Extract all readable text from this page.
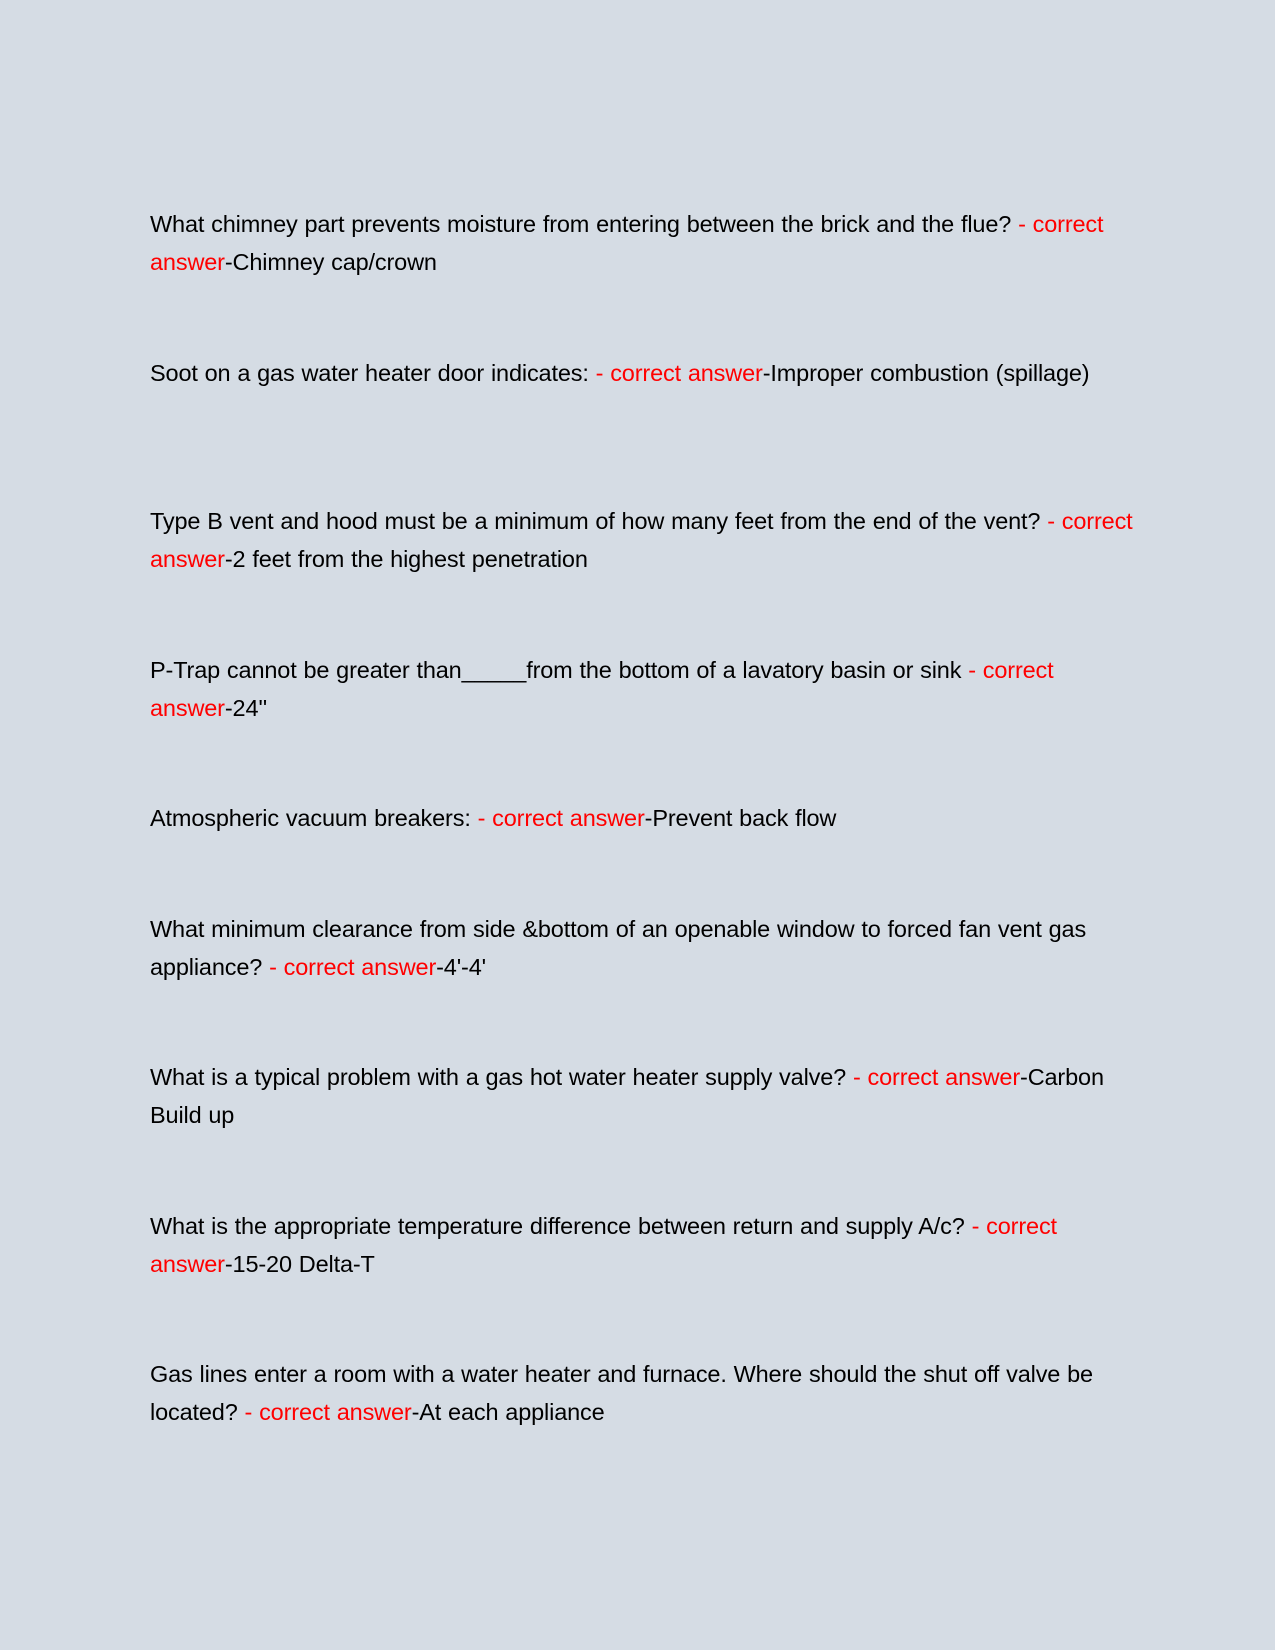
What chimney part prevents moisture from entering between the brick and the flue? - correct answer-Chimney cap/crown

Soot on a gas water heater door indicates: - correct answer-Improper combustion (spillage)

Type B vent and hood must be a minimum of how many feet from the end of the vent? - correct answer-2 feet from the highest penetration

P-Trap cannot be greater than_____from the bottom of a lavatory basin or sink - correct answer-24''

Atmospheric vacuum breakers: - correct answer-Prevent back flow

What minimum clearance from side &bottom of an openable window to forced fan vent gas appliance? - correct answer-4'-4'

What is a typical problem with a gas hot water heater supply valve? - correct answer-Carbon Build up

What is the appropriate temperature difference between return and supply A/c? - correct answer-15-20 Delta-T

Gas lines enter a room with a water heater and furnace. Where should the shut off valve be located? - correct answer-At each appliance
